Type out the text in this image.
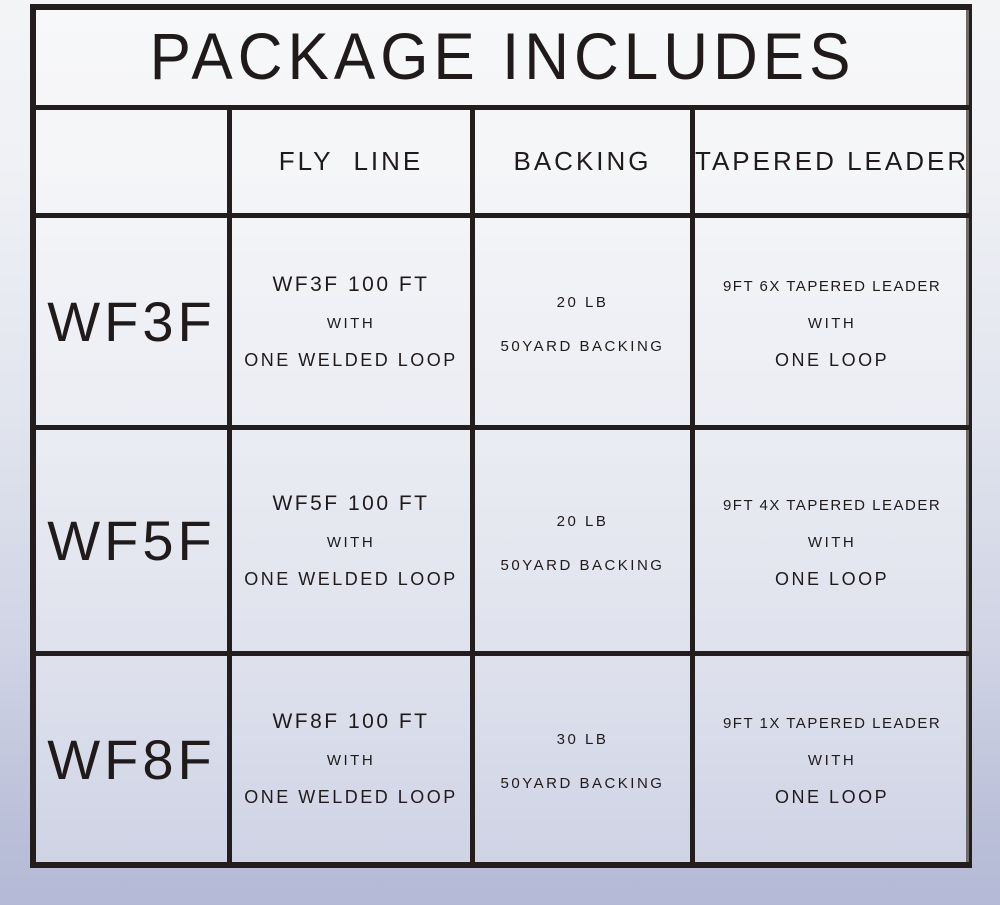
PACKAGE INCLUDES
FLY  LINE	BACKING TAPERED LEADER
WF3F
WF3F 100 FT
WITH
ONE WELDED LOOP
20 LB
50YARD BACKING
9FT 6X TAPERED LEADER
WITH
ONE LOOP
WF5F
WF5F 100 FT
WITH
ONE WELDED LOOP
20 LB
50YARD BACKING
9FT 4X TAPERED LEADER
WITH
ONE LOOP
WF8F
WF8F 100 FT
WITH
ONE WELDED LOOP
30 LB
50YARD BACKING
9FT 1X TAPERED LEADER
WITH
ONE LOOP
